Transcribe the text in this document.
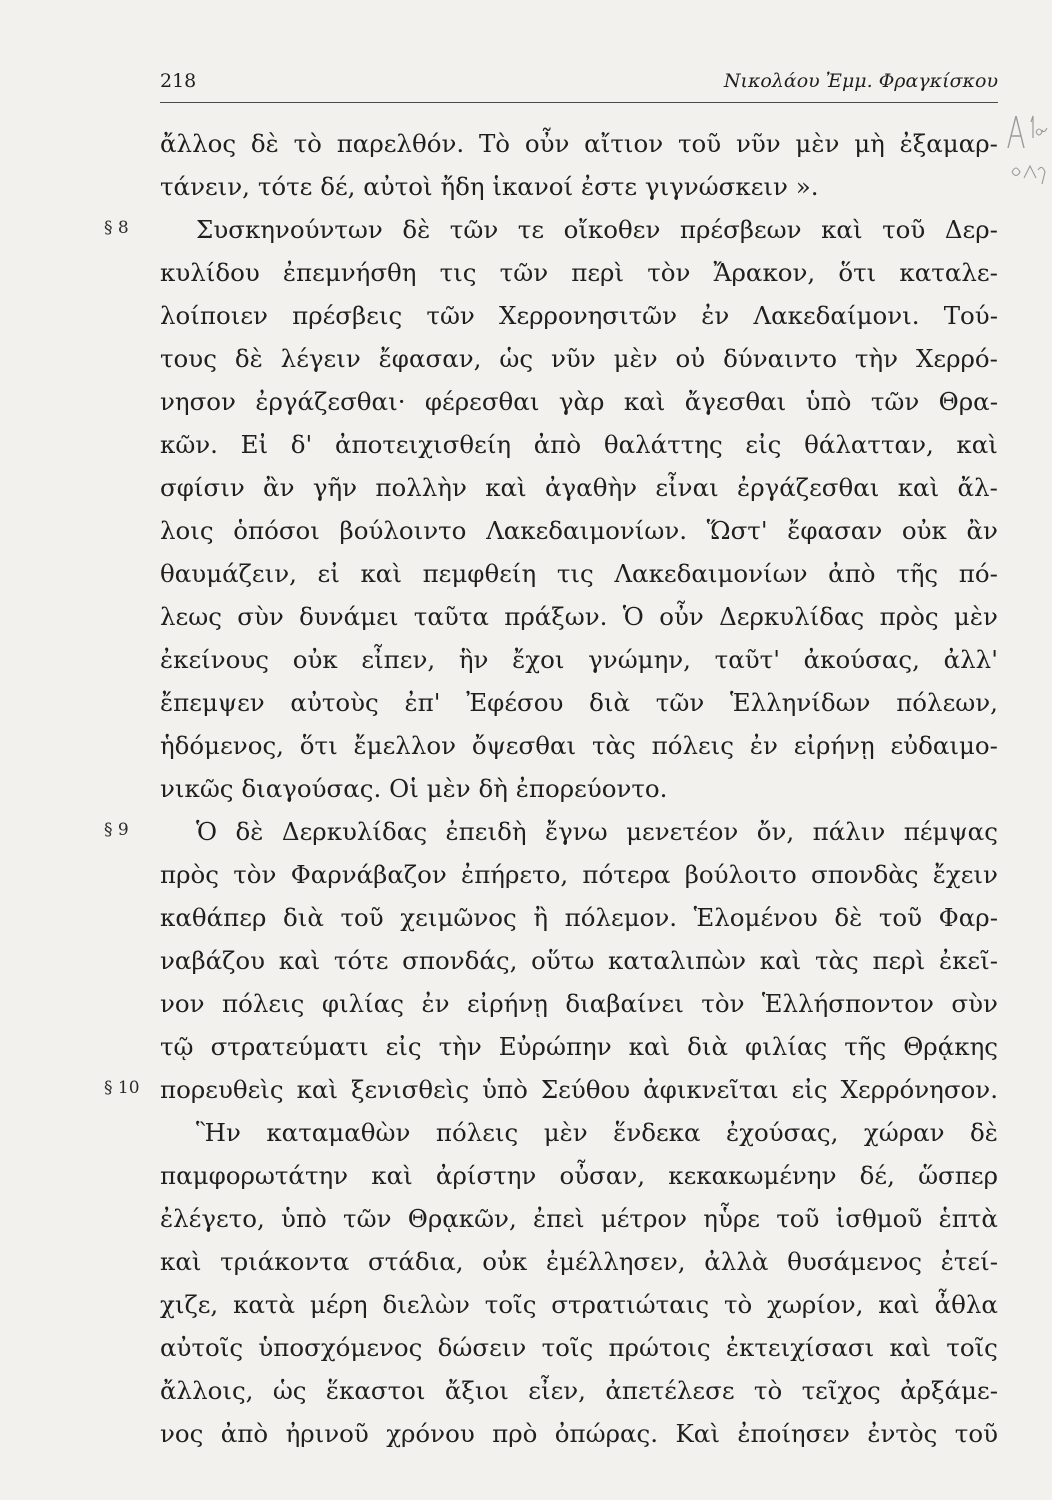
218	Νικολάου Ἐμμ. Φραγκίσκου
ἄλλος δὲ τὸ παρελθόν. Τὸ οὖν αἴτιον τοῦ νῦν μὲν μὴ ἐξαμαρ-
τάνειν, τότε δέ, αὐτοὶ ἤδη ἱκανοί ἐστε γιγνώσκειν ».
Συσκηνούντων δὲ τῶν τε οἴκοθεν πρέσβεων καὶ τοῦ Δερ-
κυλίδου ἐπεμνήσθη τις τῶν περὶ τὸν Ἄρακον, ὅτι καταλε-
λοίποιεν πρέσβεις τῶν Χερρονησιτῶν ἐν Λακεδαίμονι. Τού-
τους δὲ λέγειν ἔφασαν, ὡς νῦν μὲν οὐ δύναιντο τὴν Χερρό-
νησον ἐργάζεσθαι· φέρεσθαι γὰρ καὶ ἄγεσθαι ὑπὸ τῶν Θρα-
κῶν. Εἰ δ' ἀποτειχισθείη ἀπὸ θαλάττης εἰς θάλατταν, καὶ
σφίσιν ἂν γῆν πολλὴν καὶ ἀγαθὴν εἶναι ἐργάζεσθαι καὶ ἄλ-
λοις ὁπόσοι βούλοιντο Λακεδαιμονίων. Ὥστ' ἔφασαν οὐκ ἂν
θαυμάζειν, εἰ καὶ πεμφθείη τις Λακεδαιμονίων ἀπὸ τῆς πό-
λεως σὺν δυνάμει ταῦτα πράξων. Ὁ οὖν Δερκυλίδας πρὸς μὲν
ἐκείνους οὐκ εἶπεν, ἣν ἔχοι γνώμην, ταῦτ' ἀκούσας, ἀλλ'
ἔπεμψεν αὐτοὺς ἐπ' Ἐφέσου διὰ τῶν Ἑλληνίδων πόλεων,
ἡδόμενος, ὅτι ἔμελλον ὄψεσθαι τὰς πόλεις ἐν εἰρήνῃ εὐδαιμο-
νικῶς διαγούσας. Οἱ μὲν δὴ ἐπορεύοντο.
Ὁ δὲ Δερκυλίδας ἐπειδὴ ἔγνω μενετέον ὄν, πάλιν πέμψας
πρὸς τὸν Φαρνάβαζον ἐπήρετο, πότερα βούλοιτο σπονδὰς ἔχειν
καθάπερ διὰ τοῦ χειμῶνος ἢ πόλεμον. Ἑλομένου δὲ τοῦ Φαρ-
ναβάζου καὶ τότε σπονδάς, οὕτω καταλιπὼν καὶ τὰς περὶ ἐκεῖ-
νον πόλεις φιλίας ἐν εἰρήνῃ διαβαίνει τὸν Ἑλλήσποντον σὺν
τῷ στρατεύματι εἰς τὴν Εὐρώπην καὶ διὰ φιλίας τῆς Θρᾴκης
πορευθεὶς καὶ ξενισθεὶς ὑπὸ Σεύθου ἀφικνεῖται εἰς Χερρόνησον.
Ἣν καταμαθὼν πόλεις μὲν ἕνδεκα ἐχούσας, χώραν δὲ
παμφορωτάτην καὶ ἀρίστην οὖσαν, κεκακωμένην δέ, ὥσπερ
ἐλέγετο, ὑπὸ τῶν Θρᾳκῶν, ἐπεὶ μέτρον ηὗρε τοῦ ἰσθμοῦ ἑπτὰ
καὶ τριάκοντα στάδια, οὐκ ἐμέλλησεν, ἀλλὰ θυσάμενος ἐτεί-
χιζε, κατὰ μέρη διελὼν τοῖς στρατιώταις τὸ χωρίον, καὶ ἆθλα
αὐτοῖς ὑποσχόμενος δώσειν τοῖς πρώτοις ἐκτειχίσασι καὶ τοῖς
ἄλλοις, ὡς ἕκαστοι ἄξιοι εἶεν, ἀπετέλεσε τὸ τεῖχος ἀρξάμε-
νος ἀπὸ ἠρινοῦ χρόνου πρὸ ὀπώρας. Καὶ ἐποίησεν ἐντὸς τοῦ
§ 8
§ 9
§ 10
